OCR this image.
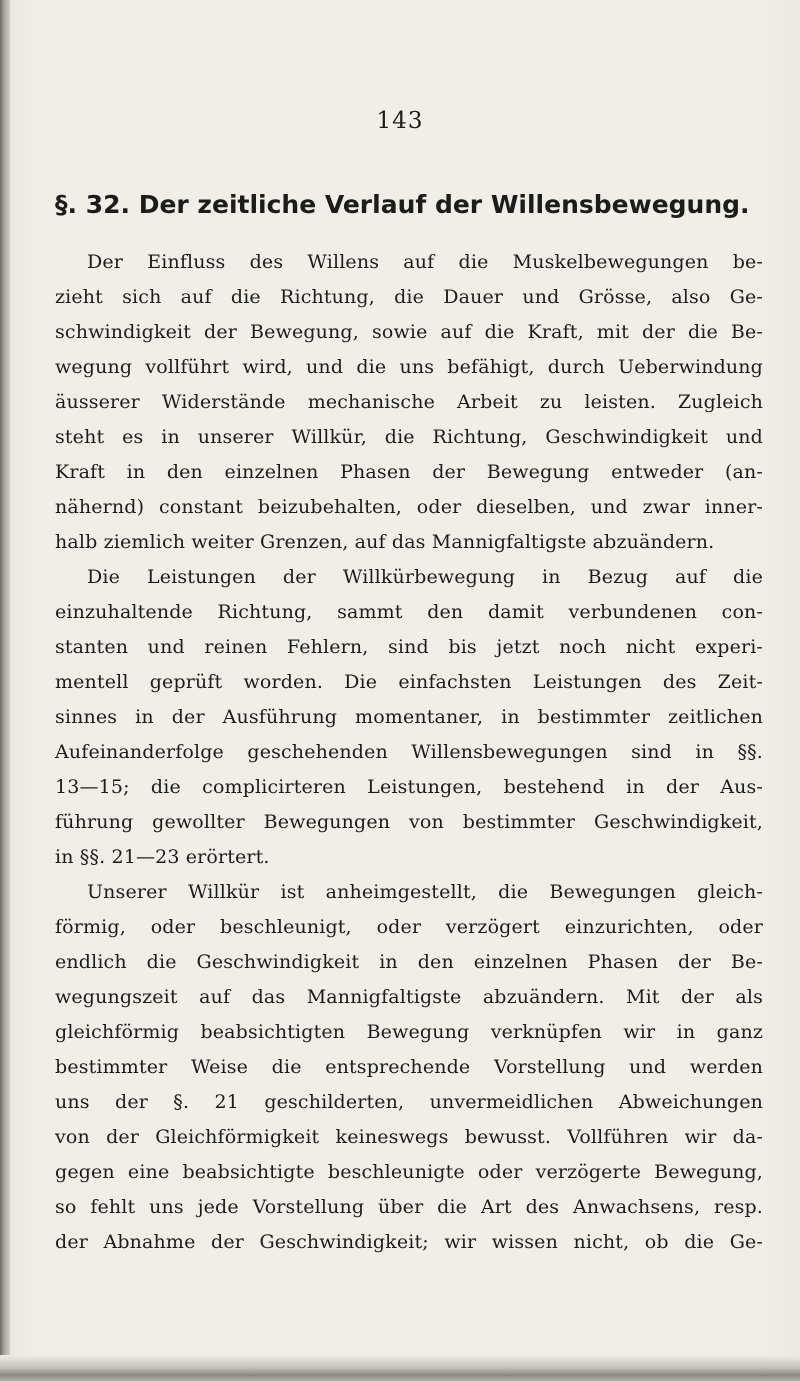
143
§. 32. Der zeitliche Verlauf der Willensbewegung.
Der Einfluss des Willens auf die Muskelbewegungen be-
zieht sich auf die Richtung, die Dauer und Grösse, also Ge-
schwindigkeit der Bewegung, sowie auf die Kraft, mit der die Be-
wegung vollführt wird, und die uns befähigt, durch Ueberwindung
äusserer Widerstände mechanische Arbeit zu leisten. Zugleich
steht es in unserer Willkür, die Richtung, Geschwindigkeit und
Kraft in den einzelnen Phasen der Bewegung entweder (an-
nähernd) constant beizubehalten, oder dieselben, und zwar inner-
halb ziemlich weiter Grenzen, auf das Mannigfaltigste abzuändern.
Die Leistungen der Willkürbewegung in Bezug auf die
einzuhaltende Richtung, sammt den damit verbundenen con-
stanten und reinen Fehlern, sind bis jetzt noch nicht experi-
mentell geprüft worden. Die einfachsten Leistungen des Zeit-
sinnes in der Ausführung momentaner, in bestimmter zeitlichen
Aufeinanderfolge geschehenden Willensbewegungen sind in §§.
13—15; die complicirteren Leistungen, bestehend in der Aus-
führung gewollter Bewegungen von bestimmter Geschwindigkeit,
in §§. 21—23 erörtert.
Unserer Willkür ist anheimgestellt, die Bewegungen gleich-
förmig, oder beschleunigt, oder verzögert einzurichten, oder
endlich die Geschwindigkeit in den einzelnen Phasen der Be-
wegungszeit auf das Mannigfaltigste abzuändern. Mit der als
gleichförmig beabsichtigten Bewegung verknüpfen wir in ganz
bestimmter Weise die entsprechende Vorstellung und werden
uns der §. 21 geschilderten, unvermeidlichen Abweichungen
von der Gleichförmigkeit keineswegs bewusst. Vollführen wir da-
gegen eine beabsichtigte beschleunigte oder verzögerte Bewegung,
so fehlt uns jede Vorstellung über die Art des Anwachsens, resp.
der Abnahme der Geschwindigkeit; wir wissen nicht, ob die Ge-
